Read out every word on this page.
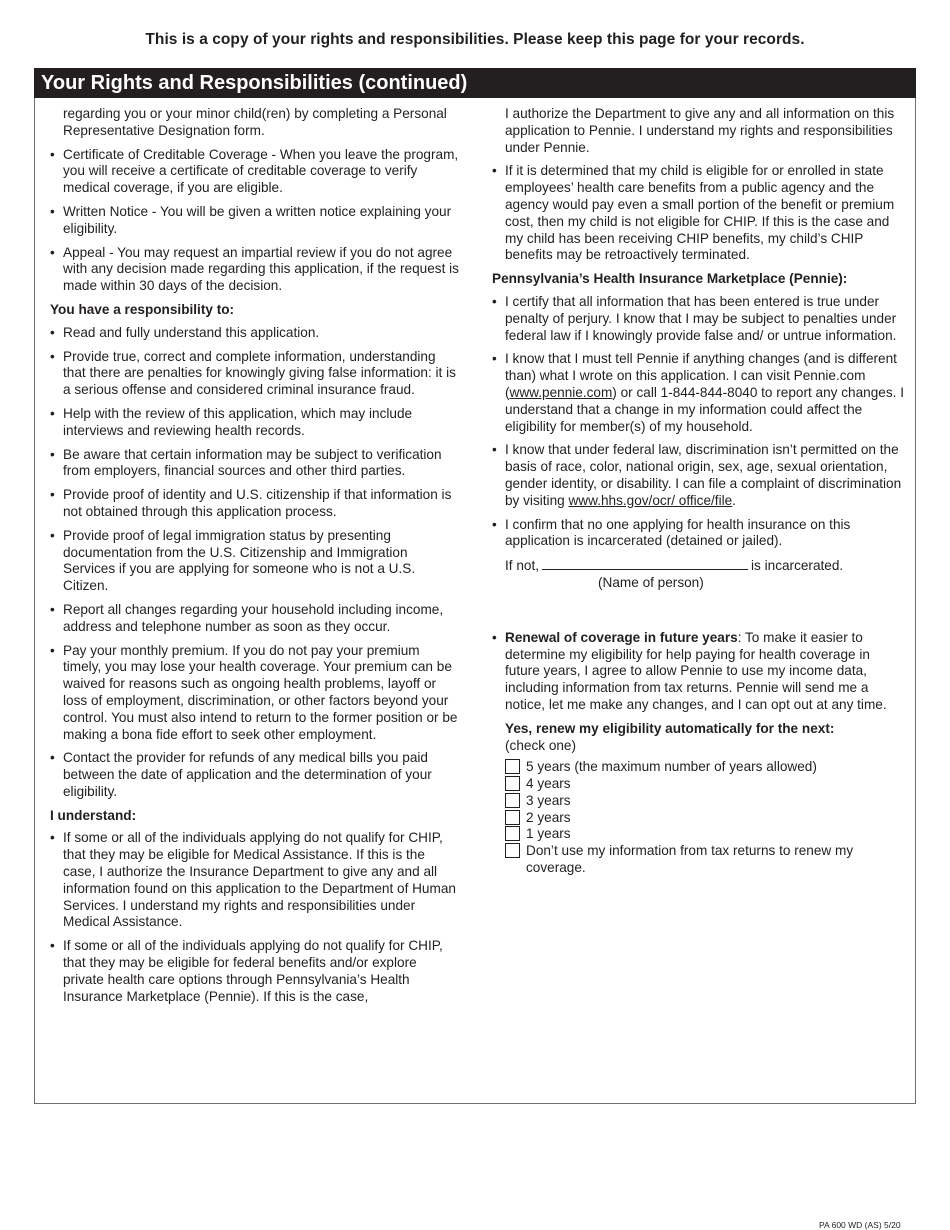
This is a copy of your rights and responsibilities. Please keep this page for your records.
Your Rights and Responsibilities (continued)

regarding you or your minor child(ren) by completing a Personal Representative Designation form.

• Certificate of Creditable Coverage - When you leave the program, you will receive a certificate of creditable coverage to verify medical coverage, if you are eligible.

• Written Notice - You will be given a written notice explaining your eligibility.

• Appeal - You may request an impartial review if you do not agree with any decision made regarding this application, if the request is made within 30 days of the decision.

You have a responsibility to:

• Read and fully understand this application.

• Provide true, correct and complete information, understanding that there are penalties for knowingly giving false information: it is a serious offense and considered criminal insurance fraud.

• Help with the review of this application, which may include interviews and reviewing health records.

• Be aware that certain information may be subject to verification from employers, financial sources and other third parties.

• Provide proof of identity and U.S. citizenship if that information is not obtained through this application process.

• Provide proof of legal immigration status by presenting documentation from the U.S. Citizenship and Immigration Services if you are applying for someone who is not a U.S. Citizen.

• Report all changes regarding your household including income, address and telephone number as soon as they occur.

• Pay your monthly premium. If you do not pay your premium timely, you may lose your health coverage. Your premium can be waived for reasons such as ongoing health problems, layoff or loss of employment, discrimination, or other factors beyond your control. You must also intend to return to the former position or be making a bona fide effort to seek other employment.

• Contact the provider for refunds of any medical bills you paid between the date of application and the determination of your eligibility.

I understand:

• If some or all of the individuals applying do not qualify for CHIP, that they may be eligible for Medical Assistance. If this is the case, I authorize the Insurance Department to give any and all information found on this application to the Department of Human Services. I understand my rights and responsibilities under Medical Assistance.

• If some or all of the individuals applying do not qualify for CHIP, that they may be eligible for federal benefits and/or explore private health care options through Pennsylvania’s Health Insurance Marketplace (Pennie). If this is the case,

I authorize the Department to give any and all information on this application to Pennie. I understand my rights and responsibilities under Pennie.

• If it is determined that my child is eligible for or enrolled in state employees’ health care benefits from a public agency and the agency would pay even a small portion of the benefit or premium cost, then my child is not eligible for CHIP. If this is the case and my child has been receiving CHIP benefits, my child’s CHIP benefits may be retroactively terminated.

Pennsylvania’s Health Insurance Marketplace (Pennie):

• I certify that all information that has been entered is true under penalty of perjury. I know that I may be subject to penalties under federal law if I knowingly provide false and/ or untrue information.

• I know that I must tell Pennie if anything changes (and is different than) what I wrote on this application. I can visit Pennie.com (www.pennie.com) or call 1-844-844-8040 to report any changes. I understand that a change in my information could affect the eligibility for member(s) of my household.

• I know that under federal law, discrimination isn’t permitted on the basis of race, color, national origin, sex, age, sexual orientation, gender identity, or disability. I can file a complaint of discrimination by visiting www.hhs.gov/ocr/ office/file.

• I confirm that no one applying for health insurance on this application is incarcerated (detained or jailed).

If not,	is incarcerated.

(Name of person)

• Renewal of coverage in future years: To make it easier to determine my eligibility for help paying for health coverage in future years, I agree to allow Pennie to use my income data, including information from tax returns. Pennie will send me a notice, let me make any changes, and I can opt out at any time.

Yes, renew my eligibility automatically for the next:

(check one)

5 years (the maximum number of years allowed)
4 years
3 years
2 years
1 years
Don’t use my information from tax returns to renew my coverage.
PA 600 WD (AS) 5/20
